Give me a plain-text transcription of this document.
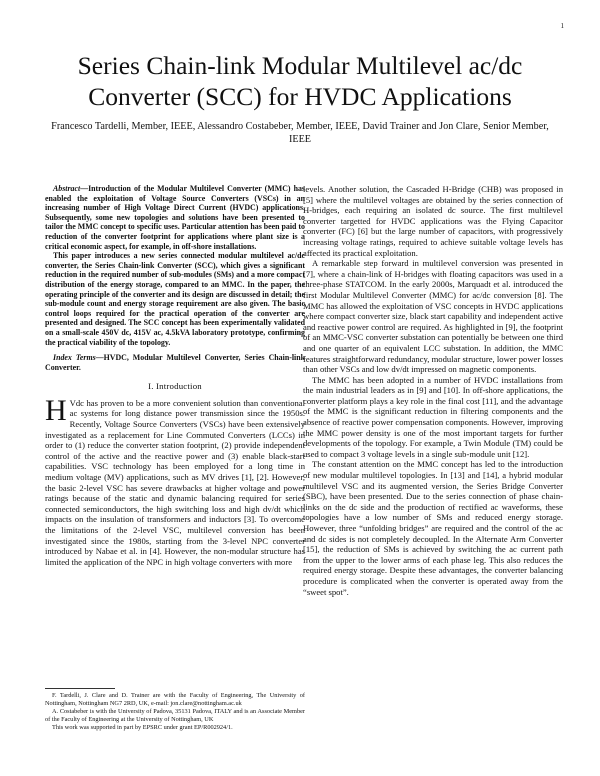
1
Series Chain-link Modular Multilevel ac/dc Converter (SCC) for HVDC Applications
Francesco Tardelli, Member, IEEE, Alessandro Costabeber, Member, IEEE, David Trainer and Jon Clare, Senior Member, IEEE

Abstract—Introduction of the Modular Multilevel Converter (MMC) has enabled the exploitation of Voltage Source Converters (VSCs) in an increasing number of High Voltage Direct Current (HVDC) applications. Subsequently, some new topologies and solutions have been presented to tailor the MMC concept to specific uses. Particular attention has been paid to reduction of the converter footprint for applications where plant size is a critical economic aspect, for example, in off-shore installations.

This paper introduces a new series connected modular multilevel ac/dc converter, the Series Chain-link Converter (SCC), which gives a significant reduction in the required number of sub-modules (SMs) and a more compact distribution of the energy storage, compared to an MMC. In the paper, the operating principle of the converter and its design are discussed in detail; the sub-module count and energy storage requirement are also given. The basic control loops required for the practical operation of the converter are presented and designed. The SCC concept has been experimentally validated on a small-scale 450V dc, 415V ac, 4.5kVA laboratory prototype, confirming the practical viability of the topology.

Index Terms—HVDC, Modular Multilevel Converter, Series Chain-link Converter.

I. Introduction

H Vdc has proven to be a more convenient solution than conventional ac systems for long distance power transmission since the 1950s. Recently, Voltage Source Converters (VSCs) have been extensively investigated as a replacement for Line Commuted Converters (LCCs) in order to (1) reduce the converter station footprint, (2) provide independent control of the active and the reactive power and (3) enable black-start capabilities. VSC technology has been employed for a long time in medium voltage (MV) applications, such as MV drives [1], [2]. However, the basic 2-level VSC has severe drawbacks at higher voltage and power ratings because of the static and dynamic balancing required for series connected semiconductors, the high switching loss and high dv/dt which impacts on the insulation of transformers and inductors [3]. To overcome the limitations of the 2-level VSC, multilevel conversion has been investigated since the 1980s, starting from the 3-level NPC converter introduced by Nabae et al. in [4]. However, the non-modular structure has limited the application of the NPC in high voltage converters with more

levels. Another solution, the Cascaded H-Bridge (CHB) was proposed in [5] where the multilevel voltages are obtained by the series connection of H-bridges, each requiring an isolated dc source. The first multilevel converter targetted for HVDC applications was the Flying Capacitor converter (FC) [6] but the large number of capacitors, with progressively increasing voltage ratings, required to achieve suitable voltage levels has affected its practical exploitation.

A remarkable step forward in multilevel conversion was presented in [7], where a chain-link of H-bridges with floating capacitors was used in a three-phase STATCOM. In the early 2000s, Marquadt et al. introduced the first Modular Multilevel Converter (MMC) for ac/dc conversion [8]. The MMC has allowed the exploitation of VSC concepts in HVDC applications where compact converter size, black start capability and independent active and reactive power control are required. As highlighted in [9], the footprint of an MMC-VSC converter substation can potentially be between one third and one quarter of an equivalent LCC substation. In addition, the MMC features straightforward redundancy, modular structure, lower power losses than other VSCs and low dv/dt impressed on magnetic components.

The MMC has been adopted in a number of HVDC installations from the main industrial leaders as in [9] and [10]. In off-shore applications, the converter platform plays a key role in the final cost [11], and the advantage of the MMC is the significant reduction in filtering components and the absence of reactive power compensation components. However, improving the MMC power density is one of the most important targets for further developments of the topology. For example, a Twin Module (TM) could be used to compact 3 voltage levels in a single sub-module unit [12].

The constant attention on the MMC concept has led to the introduction of new modular multilevel topologies. In [13] and [14], a hybrid modular multilevel VSC and its augmented version, the Series Bridge Converter (SBC), have been presented. Due to the series connection of phase chain-links on the dc side and the production of rectified ac waveforms, these topologies have a low number of SMs and reduced energy storage. However, three “unfolding bridges” are required and the control of the ac and dc sides is not completely decoupled. In the Alternate Arm Converter [15], the reduction of SMs is achieved by switching the ac current path from the upper to the lower arms of each phase leg. This also reduces the required energy storage. Despite these advantages, the converter balancing procedure is complicated when the converter is operated away from the “sweet spot”.

F. Tardelli, J. Clare and D. Trainer are with the Faculty of Engineering, The University of Nottingham, Nottingham NG7 2RD, UK, e-mail: jon.clare@nottingham.ac.uk

A. Costabeber is with the University of Padova, 35131 Padova, ITALY and is an Associate Member of the Faculty of Engineering at the University of Nottingham, UK

This work was supported in part by EPSRC under grant EP/R002924/1.
